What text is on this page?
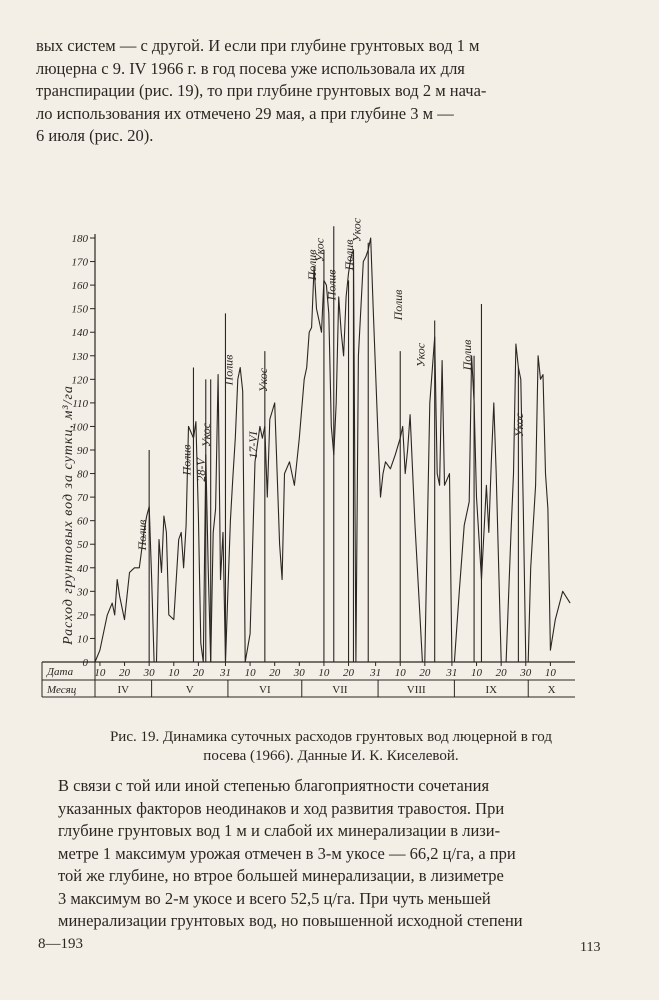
вых систем — с другой. И если при глубине грунтовых вод 1 м
люцерна с 9. IV 1966 г. в год посева уже использовала их для
транспирации (рис. 19), то при глубине грунтовых вод 2 м нача-
ло использования их отмечено 29 мая, а при глубине 3 м —
6 июля (рис. 20).
0
10
20
30
40
50
60
70
80
90
100
110
120
130
140
150
160
170
180
Дата
Месяц
10 20 30 10 20 31 10 20 30 10 20 31 10 20 31 10 20 30 10
IV	V	VI	VII	VIII	IX	X
Полив
Полив 28-V
Укос
Полив
17-VI
Укос
Полив
Укос
Полив
Полив
Укос
Полив
Укос	Полив
Укос
Расход грунтовых вод за сутки, м³/га
Рис. 19. Динамика суточных расходов грунтовых вод люцерной в год
посева (1966). Данные И. К. Киселевой.
В связи с той или иной степенью благоприятности сочетания
указанных факторов неодинаков и ход развития травостоя. При
глубине грунтовых вод 1 м и слабой их минерализации в лизи-
метре 1 максимум урожая отмечен в 3-м укосе — 66,2 ц/га, а при
той же глубине, но втрое большей минерализации, в лизиметре
3 максимум во 2-м укосе и всего 52,5 ц/га. При чуть меньшей
минерализации грунтовых вод, но повышенной исходной степени
8—193	113
